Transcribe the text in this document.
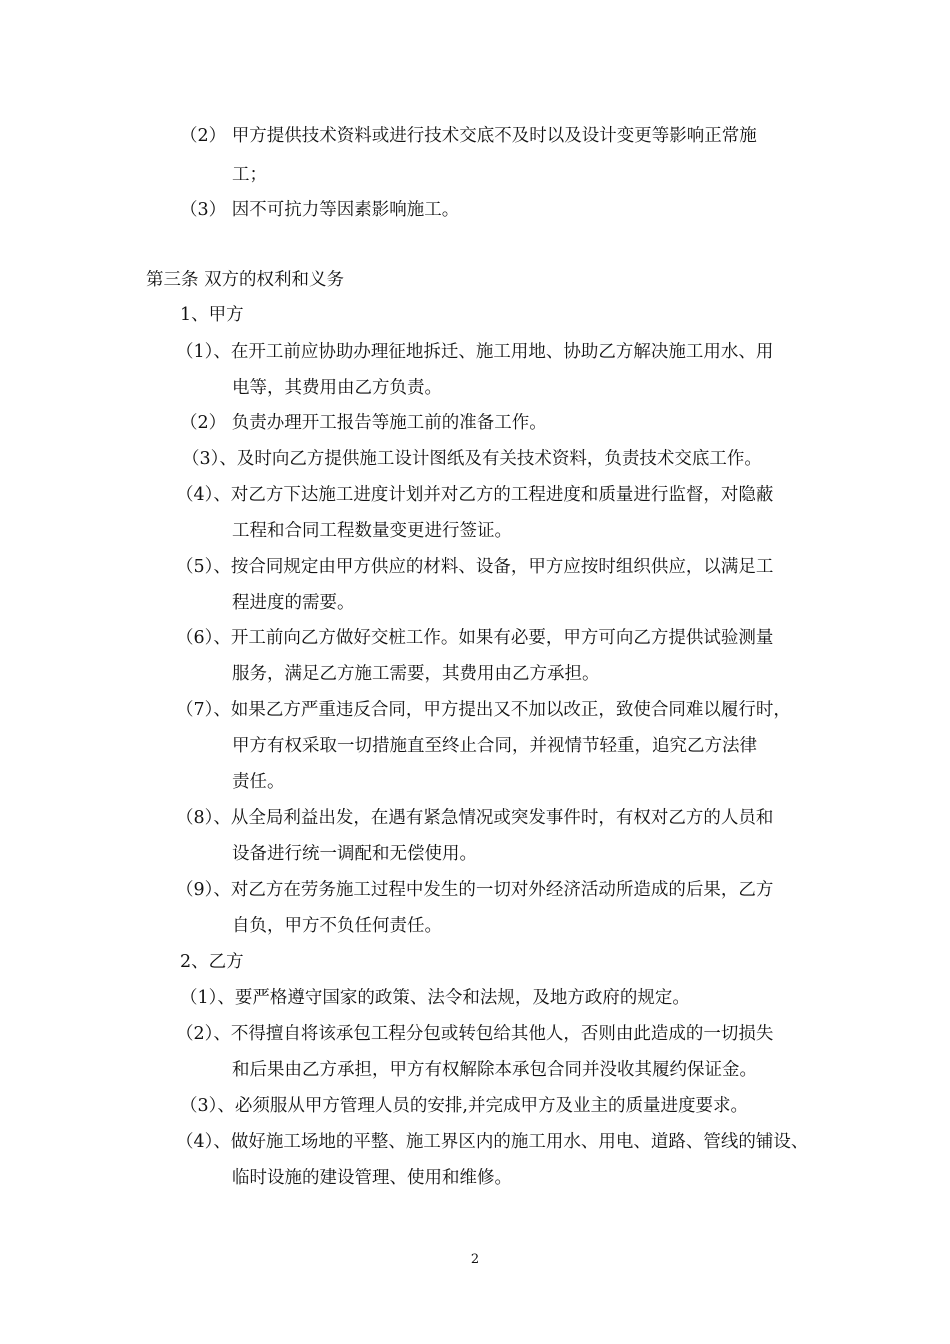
（2） 甲方提供技术资料或进行技术交底不及时以及设计变更等影响正常施
工；
（3） 因不可抗力等因素影响施工。
第三条 双方的权利和义务
1、甲方
（1）、在开工前应协助办理征地拆迁、施工用地、协助乙方解决施工用水、用
电等，其费用由乙方负责。
（2） 负责办理开工报告等施工前的准备工作。
（3）、及时向乙方提供施工设计图纸及有关技术资料，负责技术交底工作。
（4）、对乙方下达施工进度计划并对乙方的工程进度和质量进行监督，对隐蔽
工程和合同工程数量变更进行签证。
（5）、按合同规定由甲方供应的材料、设备，甲方应按时组织供应，以满足工
程进度的需要。
（6）、开工前向乙方做好交桩工作。如果有必要，甲方可向乙方提供试验测量
服务，满足乙方施工需要，其费用由乙方承担。
（7）、如果乙方严重违反合同，甲方提出又不加以改正，致使合同难以履行时，
甲方有权采取一切措施直至终止合同，并视情节轻重，追究乙方法律
责任。
（8）、从全局利益出发，在遇有紧急情况或突发事件时，有权对乙方的人员和
设备进行统一调配和无偿使用。
（9）、对乙方在劳务施工过程中发生的一切对外经济活动所造成的后果，乙方
自负，甲方不负任何责任。
2、乙方
（1）、要严格遵守国家的政策、法令和法规，及地方政府的规定。
（2）、不得擅自将该承包工程分包或转包给其他人，否则由此造成的一切损失
和后果由乙方承担，甲方有权解除本承包合同并没收其履约保证金。
（3）、必须服从甲方管理人员的安排,并完成甲方及业主的质量进度要求。
（4）、做好施工场地的平整、施工界区内的施工用水、用电、道路、管线的铺设、
临时设施的建设管理、使用和维修。
2
